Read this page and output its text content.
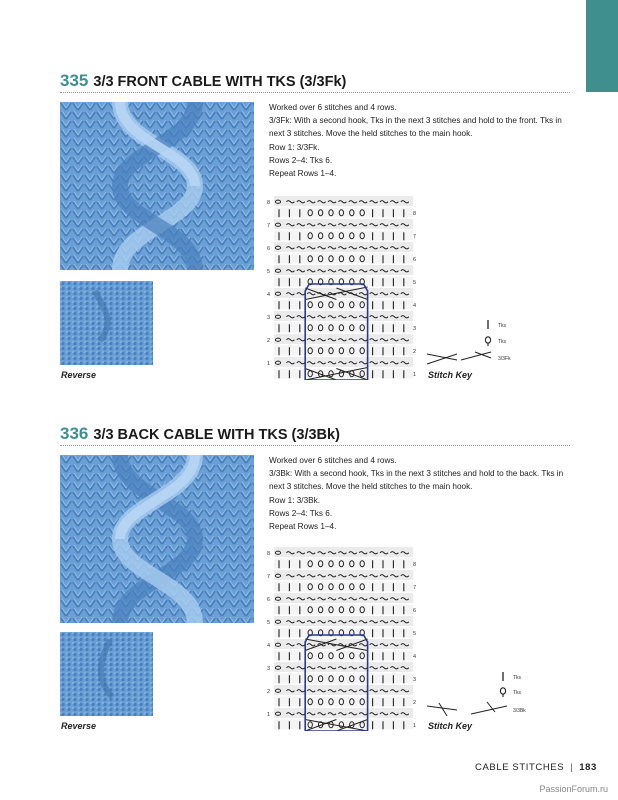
335 3/3 FRONT CABLE WITH TKS (3/3Fk)
Reverse

Worked over 6 stitches and 4 rows.

3/3Fk: With a second hook, Tks in the next 3 stitches and hold to the front. Tks in next 3 stitches. Move the held stitches to the main hook.

Row 1: 3/3Fk.

Rows 2–4: Tks 6.

Repeat Rows 1–4.

8
7
6
5
4
3
2
1
8
7
6
5
4
3
2
1
Tks
Tks
3/3Fk
Stitch Key
336 3/3 BACK CABLE WITH TKS (3/3Bk)
Reverse

Worked over 6 stitches and 4 rows.

3/3Bk: With a second hook, Tks in the next 3 stitches and hold to the back. Tks in next 3 stitches. Move the held stitches to the main hook.

Row 1: 3/3Bk.

Rows 2–4: Tks 6.

Repeat Rows 1–4.

8
7
6
5
4
3
2
1
8
7
6
5
4
3
2
1
Tks
Tks
3/3Bk
Stitch Key
CABLE STITCHES | 183
PassionForum.ru
